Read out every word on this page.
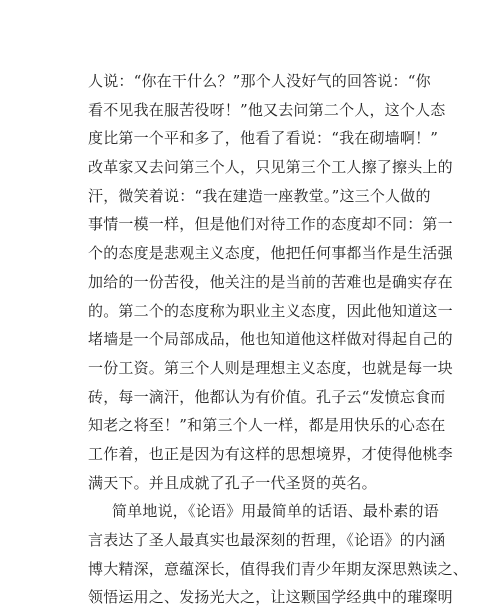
人说：“你在干什么？”那个人没好气的回答说：“你
看不见我在服苦役呀！”他又去问第二个人，这个人态
度比第一个平和多了，他看了看说：“我在砌墙啊！”
改革家又去问第三个人，只见第三个工人擦了擦头上的
汗，微笑着说：“我在建造一座教堂。”这三个人做的
事情一模一样，但是他们对待工作的态度却不同：第一
个的态度是悲观主义态度，他把任何事都当作是生活强
加给的一份苦役，他关注的是当前的苦难也是确实存在
的。第二个的态度称为职业主义态度，因此他知道这一
堵墙是一个局部成品，他也知道他这样做对得起自己的
一份工资。第三个人则是理想主义态度，也就是每一块
砖，每一滴汗，他都认为有价值。孔子云“发愤忘食而
知老之将至！”和第三个人一样，都是用快乐的心态在
工作着，也正是因为有这样的思想境界，才使得他桃李
满天下。并且成就了孔子一代圣贤的英名。
简单地说，《论语》用最简单的话语、最朴素的语
言表达了圣人最真实也最深刻的哲理，《论语》的内涵
博大精深，意蕴深长，值得我们青少年期友深思熟读之、
领悟运用之、发扬光大之，让这颗国学经典中的璀璨明
